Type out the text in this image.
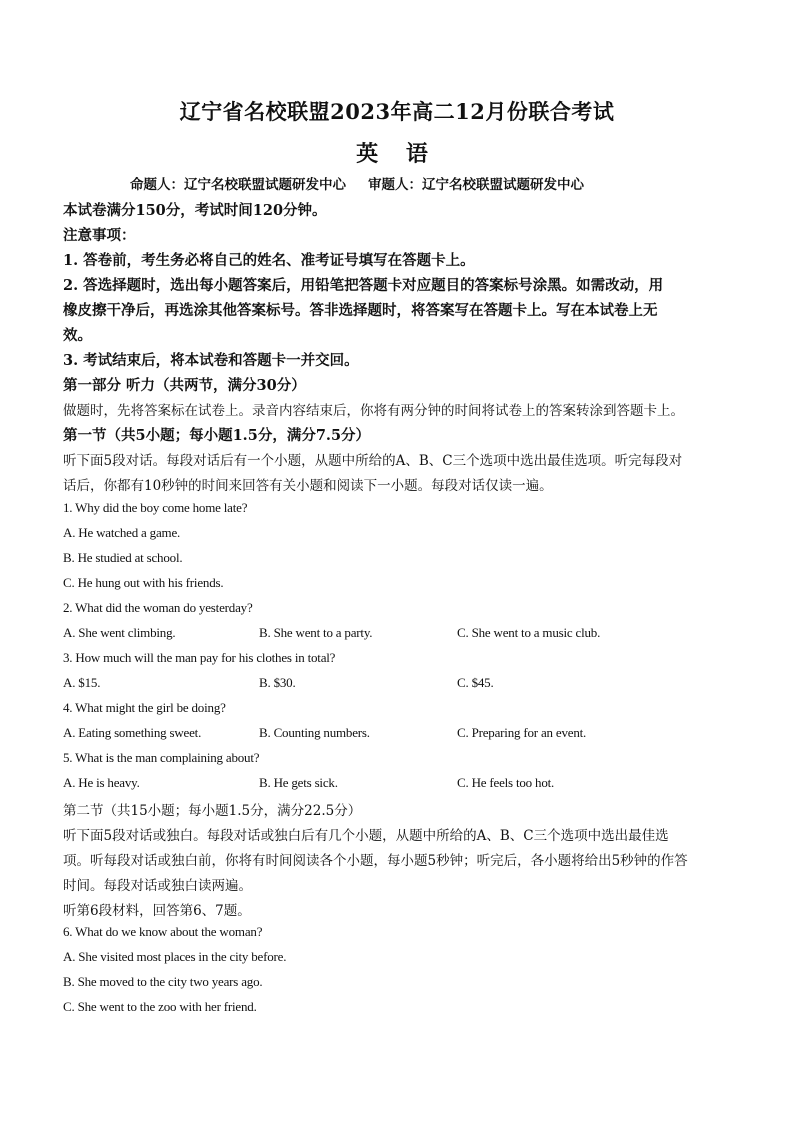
辽宁省名校联盟2023年高二12月份联合考试
英 语
命题人：辽宁名校联盟试题研发中心 审题人：辽宁名校联盟试题研发中心
本试卷满分150分，考试时间120分钟。
注意事项：
1. 答卷前，考生务必将自己的姓名、准考证号填写在答题卡上。
2. 答选择题时，选出每小题答案后，用铅笔把答题卡对应题目的答案标号涂黑。如需改动，用
橡皮擦干净后，再选涂其他答案标号。答非选择题时，将答案写在答题卡上。写在本试卷上无
效。
3. 考试结束后，将本试卷和答题卡一并交回。
第一部分 听力（共两节，满分30分）
做题时，先将答案标在试卷上。录音内容结束后，你将有两分钟的时间将试卷上的答案转涂到答题卡上。
第一节（共5小题；每小题1.5分，满分7.5分）
听下面5段对话。每段对话后有一个小题，从题中所给的A、B、C三个选项中选出最佳选项。听完每段对
话后，你都有10秒钟的时间来回答有关小题和阅读下一小题。每段对话仅读一遍。
1. Why did the boy come home late?
A. He watched a game.
B. He studied at school.
C. He hung out with his friends.
2. What did the woman do yesterday?
A. She went climbing.	B. She went to a party.	C. She went to a music club.
3. How much will the man pay for his clothes in total?
A. $15.	B. $30.	C. $45.
4. What might the girl be doing?
A. Eating something sweet.	B. Counting numbers.	C. Preparing for an event.
5. What is the man complaining about?
A. He is heavy.	B. He gets sick.	C. He feels too hot.
第二节（共15小题；每小题1.5分，满分22.5分）
听下面5段对话或独白。每段对话或独白后有几个小题，从题中所给的A、B、C三个选项中选出最佳选
项。听每段对话或独白前，你将有时间阅读各个小题，每小题5秒钟；听完后，各小题将给出5秒钟的作答
时间。每段对话或独白读两遍。
听第6段材料，回答第6、7题。
6. What do we know about the woman?
A. She visited most places in the city before.
B. She moved to the city two years ago.
C. She went to the zoo with her friend.
